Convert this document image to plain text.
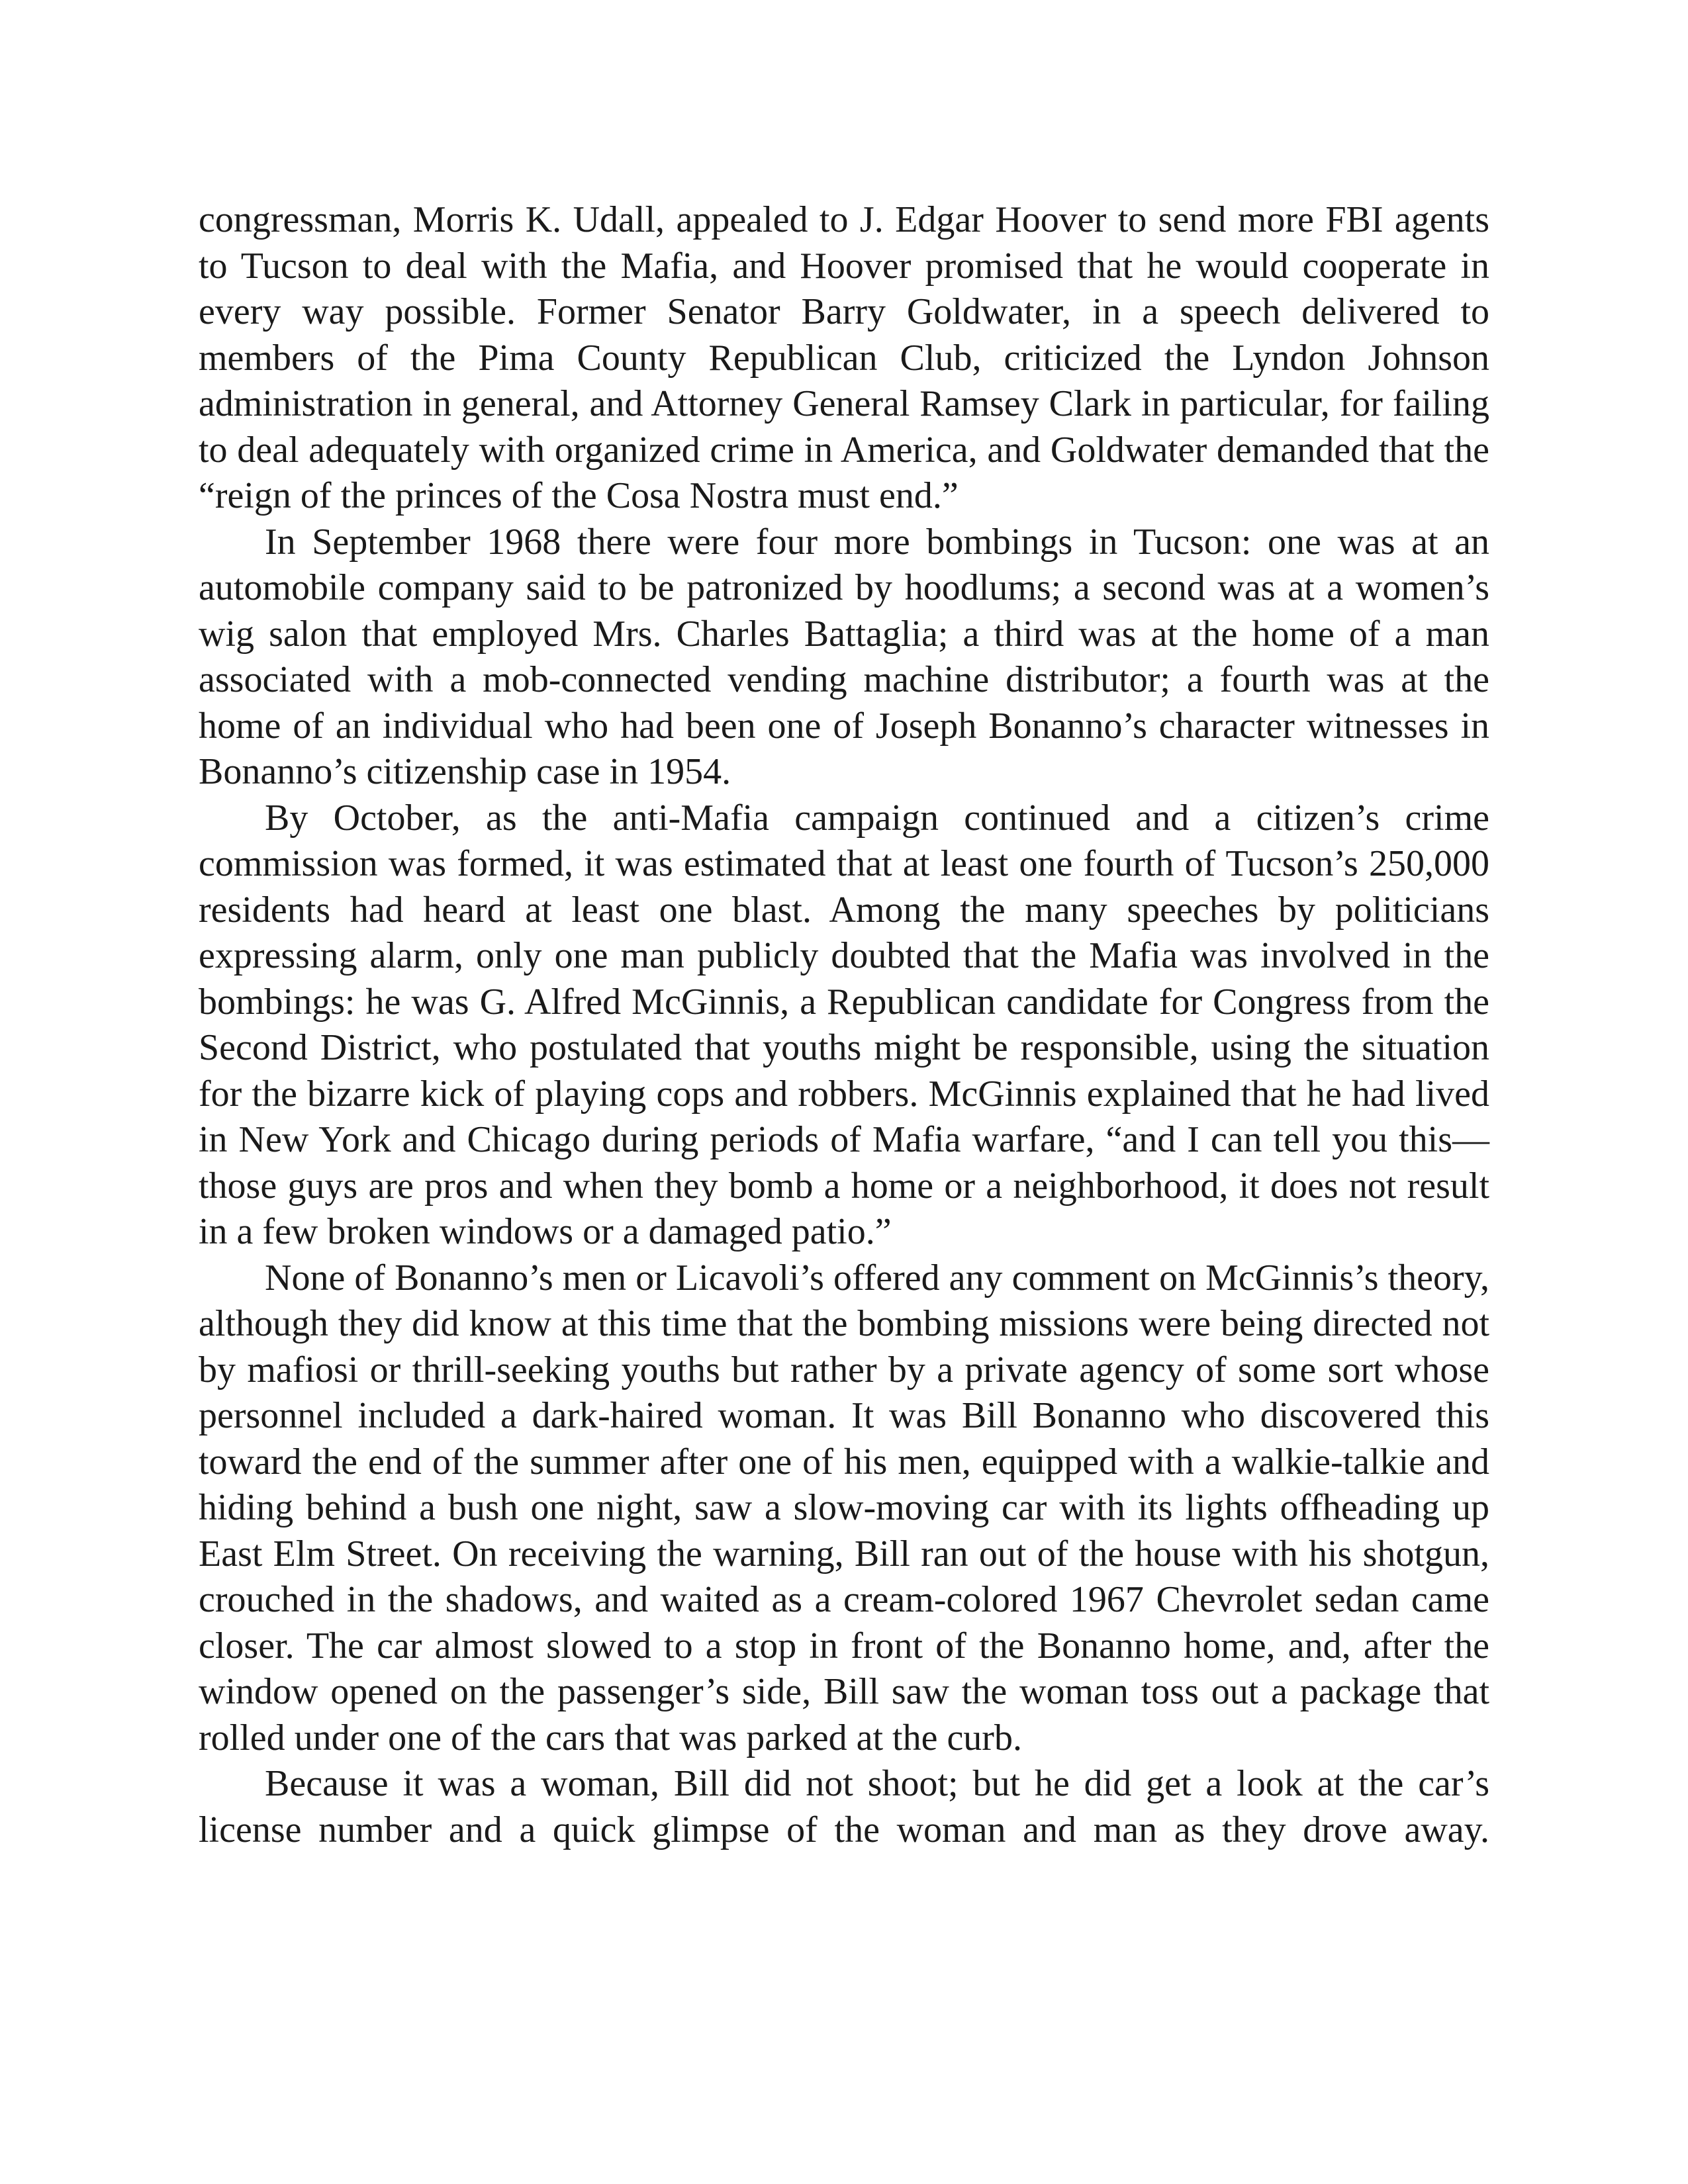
congressman, Morris K. Udall, appealed to J. Edgar Hoover to send more FBI agents to Tucson to deal with the Mafia, and Hoover promised that he would cooperate in every way possible. Former Senator Barry Goldwater, in a speech delivered to members of the Pima County Republican Club, criticized the Lyndon Johnson administration in general, and Attorney General Ramsey Clark in particular, for failing to deal adequately with organized crime in America, and Goldwater demanded that the “reign of the princes of the Cosa Nostra must end.”

In September 1968 there were four more bombings in Tucson: one was at an automobile company said to be patronized by hoodlums; a second was at a women’s wig salon that employed Mrs. Charles Battaglia; a third was at the home of a man associated with a mob-connected vending machine distributor; a fourth was at the home of an individual who had been one of Joseph Bonanno’s character witnesses in Bonanno’s citizenship case in 1954.

By October, as the anti-Mafia campaign continued and a citizen’s crime commission was formed, it was estimated that at least one fourth of Tucson’s 250,000 residents had heard at least one blast. Among the many speeches by politicians expressing alarm, only one man publicly doubted that the Mafia was involved in the bombings: he was G. Alfred McGinnis, a Republican candidate for Congress from the Second District, who postulated that youths might be responsible, using the situation for the bizarre kick of playing cops and robbers. McGinnis explained that he had lived in New York and Chicago during periods of Mafia warfare, “and I can tell you this—those guys are pros and when they bomb a home or a neighborhood, it does not result in a few broken windows or a damaged patio.”

None of Bonanno’s men or Licavoli’s offered any comment on McGinnis’s theory, although they did know at this time that the bombing missions were being directed not by mafiosi or thrill-seeking youths but rather by a private agency of some sort whose personnel included a dark-haired woman. It was Bill Bonanno who discovered this toward the end of the summer after one of his men, equipped with a walkie-talkie and hiding behind a bush one night, saw a slow-moving car with its lights offheading up East Elm Street. On receiving the warning, Bill ran out of the house with his shotgun, crouched in the shadows, and waited as a cream-colored 1967 Chevrolet sedan came closer. The car almost slowed to a stop in front of the Bonanno home, and, after the window opened on the passenger’s side, Bill saw the woman toss out a package that rolled under one of the cars that was parked at the curb.

Because it was a woman, Bill did not shoot; but he did get a look at the car’s license number and a quick glimpse of the woman and man as they drove away.
